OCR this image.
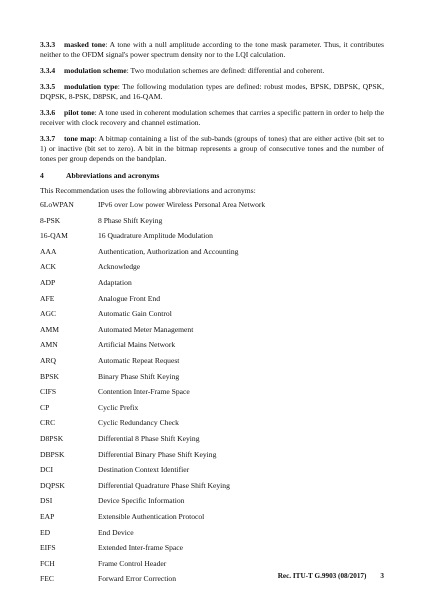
3.3.3 masked tone: A tone with a null amplitude according to the tone mask parameter. Thus, it contributes neither to the OFDM signal's power spectrum density nor to the LQI calculation.

3.3.4 modulation scheme: Two modulation schemes are defined: differential and coherent.

3.3.5 modulation type: The following modulation types are defined: robust modes, BPSK, DBPSK, QPSK, DQPSK, 8-PSK, D8PSK, and 16-QAM.

3.3.6 pilot tone: A tone used in coherent modulation schemes that carries a specific pattern in order to help the receiver with clock recovery and channel estimation.

3.3.7 tone map: A bitmap containing a list of the sub-bands (groups of tones) that are either active (bit set to 1) or inactive (bit set to zero). A bit in the bitmap represents a group of consecutive tones and the number of tones per group depends on the bandplan.

4	Abbreviations and acronyms
This Recommendation uses the following abbreviations and acronyms:
6LoWPAN	IPv6 over Low power Wireless Personal Area Network
8-PSK	8 Phase Shift Keying
16-QAM	16 Quadrature Amplitude Modulation
AAA	Authentication, Authorization and Accounting
ACK	Acknowledge
ADP	Adaptation
AFE	Analogue Front End
AGC	Automatic Gain Control
AMM	Automated Meter Management
AMN	Artificial Mains Network
ARQ	Automatic Repeat Request
BPSK	Binary Phase Shift Keying
CIFS	Contention Inter-Frame Space
CP	Cyclic Prefix
CRC	Cyclic Redundancy Check
D8PSK	Differential 8 Phase Shift Keying
DBPSK	Differential Binary Phase Shift Keying
DCI	Destination Context Identifier
DQPSK	Differential Quadrature Phase Shift Keying
DSI	Device Specific Information
EAP	Extensible Authentication Protocol
ED	End Device
EIFS	Extended Inter-frame Space
FCH	Frame Control Header
FEC	Forward Error Correction	Rec. ITU-T G.9903 (08/2017) 3
